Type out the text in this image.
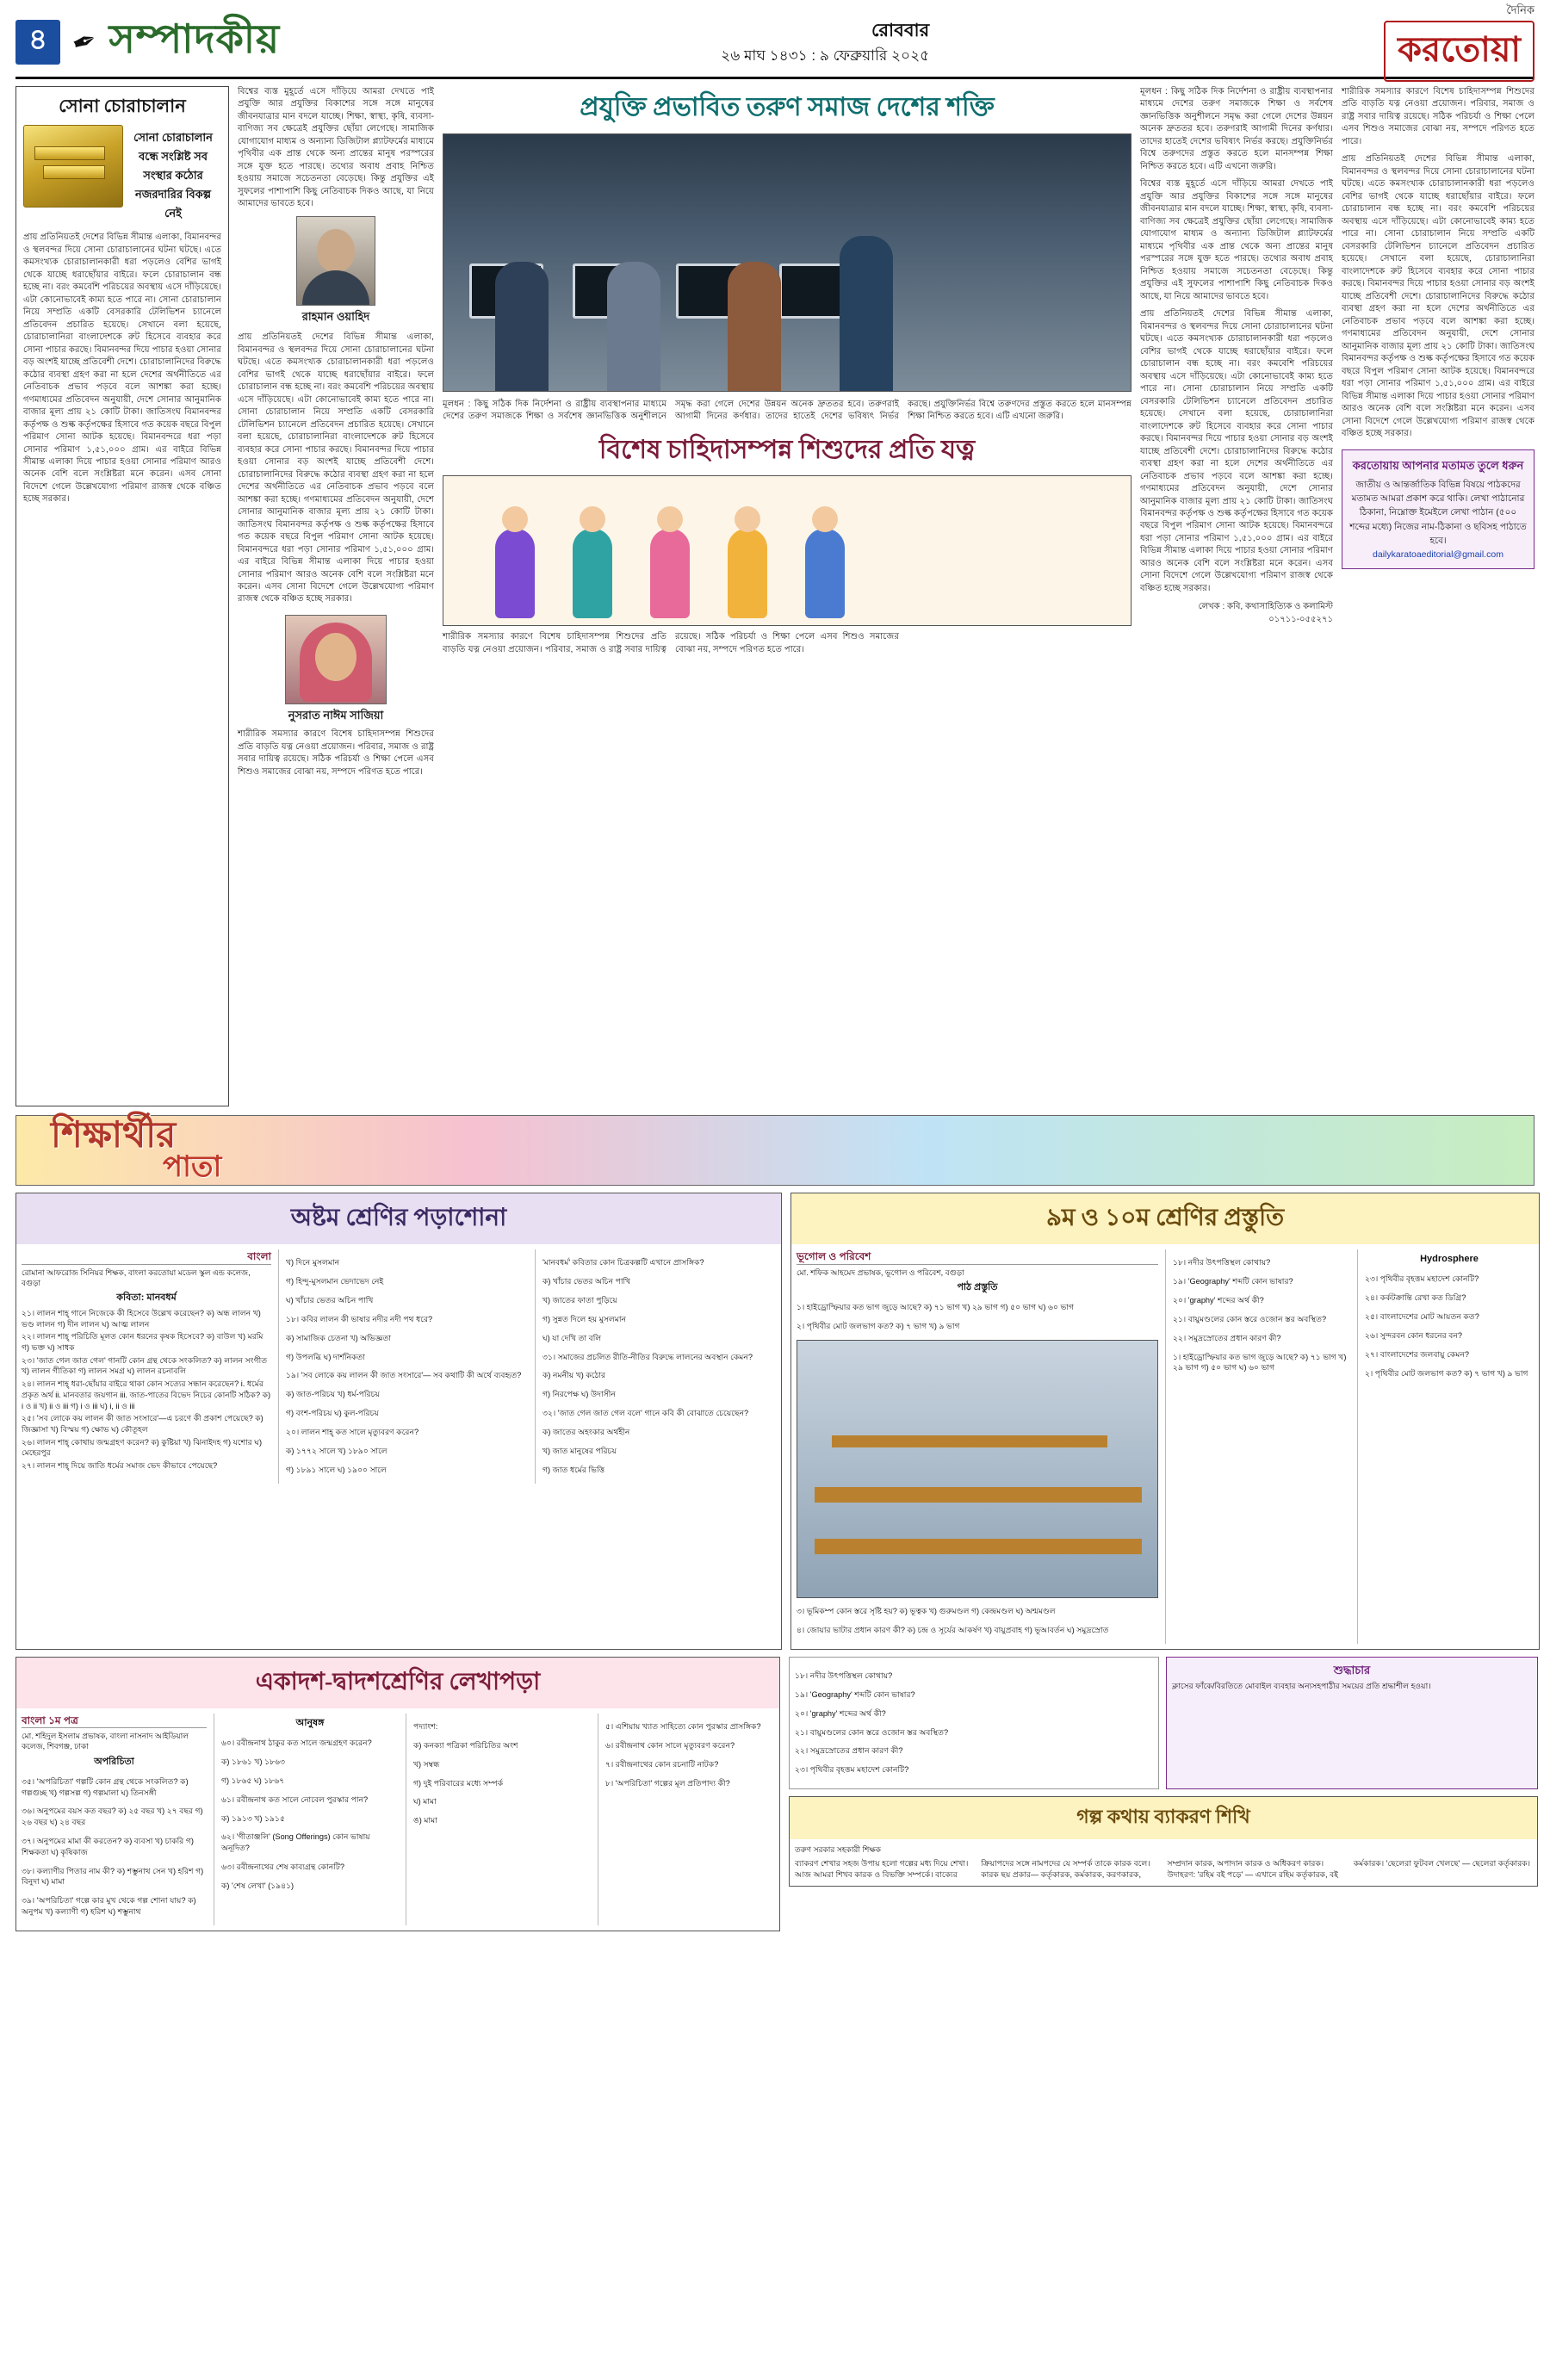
৪ ✒ সম্পাদকীয়	রোববার
২৬ মাঘ ১৪৩১ : ৯ ফেব্রুয়ারি ২০২৫
দৈনিক
করতোয়া
সোনা চোরাচালান
সোনা চোরাচালান বন্ধে সংশ্লিষ্ট সব সংস্থার কঠোর নজরদারির বিকল্প নেই
প্রায় প্রতিনিয়তই দেশের বিভিন্ন সীমান্ত এলাকা, বিমানবন্দর ও স্থলবন্দর দিয়ে সোনা চোরাচালানের ঘটনা ঘটছে। এতে কমসংখ্যক চোরাচালানকারী ধরা পড়লেও বেশির ভাগই থেকে যাচ্ছে ধরাছোঁয়ার বাইরে। ফলে চোরাচালান বন্ধ হচ্ছে না। বরং কমবেশি পরিচয়ের অবস্থায় এসে দাঁড়িয়েছে। এটা কোনোভাবেই কাম্য হতে পারে না। সোনা চোরাচালান নিয়ে সম্প্রতি একটি বেসরকারি টেলিভিশন চ্যানেলে প্রতিবেদন প্রচারিত হয়েছে। সেখানে বলা হয়েছে, চোরাচালানিরা বাংলাদেশকে রুট হিসেবে ব্যবহার করে সোনা পাচার করছে। বিমানবন্দর দিয়ে পাচার হওয়া সোনার বড় অংশই যাচ্ছে প্রতিবেশী দেশে। চোরাচালানিদের বিরুদ্ধে কঠোর ব্যবস্থা গ্রহণ করা না হলে দেশের অর্থনীতিতে এর নেতিবাচক প্রভাব পড়বে বলে আশঙ্কা করা হচ্ছে। গণমাধ্যমের প্রতিবেদন অনুযায়ী, দেশে সোনার আনুমানিক বাজার মূল্য প্রায় ২১ কোটি টাকা। জাতিসংঘ বিমানবন্দর কর্তৃপক্ষ ও শুল্ক কর্তৃপক্ষের হিসাবে গত কয়েক বছরে বিপুল পরিমাণ সোনা আটক হয়েছে। বিমানবন্দরে ধরা পড়া সোনার পরিমাণ ১,৫১,০০০ গ্রাম। এর বাইরে বিভিন্ন সীমান্ত এলাকা দিয়ে পাচার হওয়া সোনার পরিমাণ আরও অনেক বেশি বলে সংশ্লিষ্টরা মনে করেন। এসব সোনা বিদেশে গেলে উল্লেখযোগ্য পরিমাণ রাজস্ব থেকে বঞ্চিত হচ্ছে সরকার।
বিশ্বের ব্যস্ত মুহূর্তে এসে দাঁড়িয়ে আমরা দেখতে পাই প্রযুক্তি আর প্রযুক্তির বিকাশের সঙ্গে সঙ্গে মানুষের জীবনযাত্রার মান বদলে যাচ্ছে। শিক্ষা, স্বাস্থ্য, কৃষি, ব্যবসা-বাণিজ্য সব ক্ষেত্রেই প্রযুক্তির ছোঁয়া লেগেছে। সামাজিক যোগাযোগ মাধ্যম ও অন্যান্য ডিজিটাল প্ল্যাটফর্মের মাধ্যমে পৃথিবীর এক প্রান্ত থেকে অন্য প্রান্তের মানুষ পরস্পরের সঙ্গে যুক্ত হতে পারছে। তথ্যের অবাধ প্রবাহ নিশ্চিত হওয়ায় সমাজে সচেতনতা বেড়েছে। কিন্তু প্রযুক্তির এই সুফলের পাশাপাশি কিছু নেতিবাচক দিকও আছে, যা নিয়ে আমাদের ভাবতে হবে।
রাহমান ওয়াহিদ
প্রায় প্রতিনিয়তই দেশের বিভিন্ন সীমান্ত এলাকা, বিমানবন্দর ও স্থলবন্দর দিয়ে সোনা চোরাচালানের ঘটনা ঘটছে। এতে কমসংখ্যক চোরাচালানকারী ধরা পড়লেও বেশির ভাগই থেকে যাচ্ছে ধরাছোঁয়ার বাইরে। ফলে চোরাচালান বন্ধ হচ্ছে না। বরং কমবেশি পরিচয়ের অবস্থায় এসে দাঁড়িয়েছে। এটা কোনোভাবেই কাম্য হতে পারে না। সোনা চোরাচালান নিয়ে সম্প্রতি একটি বেসরকারি টেলিভিশন চ্যানেলে প্রতিবেদন প্রচারিত হয়েছে। সেখানে বলা হয়েছে, চোরাচালানিরা বাংলাদেশকে রুট হিসেবে ব্যবহার করে সোনা পাচার করছে। বিমানবন্দর দিয়ে পাচার হওয়া সোনার বড় অংশই যাচ্ছে প্রতিবেশী দেশে। চোরাচালানিদের বিরুদ্ধে কঠোর ব্যবস্থা গ্রহণ করা না হলে দেশের অর্থনীতিতে এর নেতিবাচক প্রভাব পড়বে বলে আশঙ্কা করা হচ্ছে। গণমাধ্যমের প্রতিবেদন অনুযায়ী, দেশে সোনার আনুমানিক বাজার মূল্য প্রায় ২১ কোটি টাকা। জাতিসংঘ বিমানবন্দর কর্তৃপক্ষ ও শুল্ক কর্তৃপক্ষের হিসাবে গত কয়েক বছরে বিপুল পরিমাণ সোনা আটক হয়েছে। বিমানবন্দরে ধরা পড়া সোনার পরিমাণ ১,৫১,০০০ গ্রাম। এর বাইরে বিভিন্ন সীমান্ত এলাকা দিয়ে পাচার হওয়া সোনার পরিমাণ আরও অনেক বেশি বলে সংশ্লিষ্টরা মনে করেন। এসব সোনা বিদেশে গেলে উল্লেখযোগ্য পরিমাণ রাজস্ব থেকে বঞ্চিত হচ্ছে সরকার।
নুসরাত নাঈম সাজিয়া
শারীরিক সমস্যার কারণে বিশেষ চাহিদাসম্পন্ন শিশুদের প্রতি বাড়তি যত্ন নেওয়া প্রয়োজন। পরিবার, সমাজ ও রাষ্ট্র সবার দায়িত্ব রয়েছে। সঠিক পরিচর্যা ও শিক্ষা পেলে এসব শিশুও সমাজের বোঝা নয়, সম্পদে পরিণত হতে পারে।
প্রযুক্তি প্রভাবিত তরুণ সমাজ দেশের শক্তি
মূলধন : কিছু সঠিক দিক নির্দেশনা ও রাষ্ট্রীয় ব্যবস্থাপনার মাধ্যমে দেশের তরুণ সমাজকে শিক্ষা ও সর্বশেষ জ্ঞানভিত্তিক অনুশীলনে সমৃদ্ধ করা গেলে দেশের উন্নয়ন অনেক দ্রুততর হবে। তরুণরাই আগামী দিনের কর্ণধার। তাদের হাতেই দেশের ভবিষ্যৎ নির্ভর করছে। প্রযুক্তিনির্ভর বিশ্বে তরুণদের প্রস্তুত করতে হলে মানসম্পন্ন শিক্ষা নিশ্চিত করতে হবে। এটি এখনো জরুরি।
বিশেষ চাহিদাসম্পন্ন শিশুদের প্রতি যত্ন
শারীরিক সমস্যার কারণে বিশেষ চাহিদাসম্পন্ন শিশুদের প্রতি বাড়তি যত্ন নেওয়া প্রয়োজন। পরিবার, সমাজ ও রাষ্ট্র সবার দায়িত্ব রয়েছে। সঠিক পরিচর্যা ও শিক্ষা পেলে এসব শিশুও সমাজের বোঝা নয়, সম্পদে পরিণত হতে পারে।
মূলধন : কিছু সঠিক দিক নির্দেশনা ও রাষ্ট্রীয় ব্যবস্থাপনার মাধ্যমে দেশের তরুণ সমাজকে শিক্ষা ও সর্বশেষ জ্ঞানভিত্তিক অনুশীলনে সমৃদ্ধ করা গেলে দেশের উন্নয়ন অনেক দ্রুততর হবে। তরুণরাই আগামী দিনের কর্ণধার। তাদের হাতেই দেশের ভবিষ্যৎ নির্ভর করছে। প্রযুক্তিনির্ভর বিশ্বে তরুণদের প্রস্তুত করতে হলে মানসম্পন্ন শিক্ষা নিশ্চিত করতে হবে। এটি এখনো জরুরি।
বিশ্বের ব্যস্ত মুহূর্তে এসে দাঁড়িয়ে আমরা দেখতে পাই প্রযুক্তি আর প্রযুক্তির বিকাশের সঙ্গে সঙ্গে মানুষের জীবনযাত্রার মান বদলে যাচ্ছে। শিক্ষা, স্বাস্থ্য, কৃষি, ব্যবসা-বাণিজ্য সব ক্ষেত্রেই প্রযুক্তির ছোঁয়া লেগেছে। সামাজিক যোগাযোগ মাধ্যম ও অন্যান্য ডিজিটাল প্ল্যাটফর্মের মাধ্যমে পৃথিবীর এক প্রান্ত থেকে অন্য প্রান্তের মানুষ পরস্পরের সঙ্গে যুক্ত হতে পারছে। তথ্যের অবাধ প্রবাহ নিশ্চিত হওয়ায় সমাজে সচেতনতা বেড়েছে। কিন্তু প্রযুক্তির এই সুফলের পাশাপাশি কিছু নেতিবাচক দিকও আছে, যা নিয়ে আমাদের ভাবতে হবে।
প্রায় প্রতিনিয়তই দেশের বিভিন্ন সীমান্ত এলাকা, বিমানবন্দর ও স্থলবন্দর দিয়ে সোনা চোরাচালানের ঘটনা ঘটছে। এতে কমসংখ্যক চোরাচালানকারী ধরা পড়লেও বেশির ভাগই থেকে যাচ্ছে ধরাছোঁয়ার বাইরে। ফলে চোরাচালান বন্ধ হচ্ছে না। বরং কমবেশি পরিচয়ের অবস্থায় এসে দাঁড়িয়েছে। এটা কোনোভাবেই কাম্য হতে পারে না। সোনা চোরাচালান নিয়ে সম্প্রতি একটি বেসরকারি টেলিভিশন চ্যানেলে প্রতিবেদন প্রচারিত হয়েছে। সেখানে বলা হয়েছে, চোরাচালানিরা বাংলাদেশকে রুট হিসেবে ব্যবহার করে সোনা পাচার করছে। বিমানবন্দর দিয়ে পাচার হওয়া সোনার বড় অংশই যাচ্ছে প্রতিবেশী দেশে। চোরাচালানিদের বিরুদ্ধে কঠোর ব্যবস্থা গ্রহণ করা না হলে দেশের অর্থনীতিতে এর নেতিবাচক প্রভাব পড়বে বলে আশঙ্কা করা হচ্ছে। গণমাধ্যমের প্রতিবেদন অনুযায়ী, দেশে সোনার আনুমানিক বাজার মূল্য প্রায় ২১ কোটি টাকা। জাতিসংঘ বিমানবন্দর কর্তৃপক্ষ ও শুল্ক কর্তৃপক্ষের হিসাবে গত কয়েক বছরে বিপুল পরিমাণ সোনা আটক হয়েছে। বিমানবন্দরে ধরা পড়া সোনার পরিমাণ ১,৫১,০০০ গ্রাম। এর বাইরে বিভিন্ন সীমান্ত এলাকা দিয়ে পাচার হওয়া সোনার পরিমাণ আরও অনেক বেশি বলে সংশ্লিষ্টরা মনে করেন। এসব সোনা বিদেশে গেলে উল্লেখযোগ্য পরিমাণ রাজস্ব থেকে বঞ্চিত হচ্ছে সরকার।
লেখক : কবি, কথাসাহিত্যিক ও কলামিস্ট ০১৭১১-০৫৫২৭১
শারীরিক সমস্যার কারণে বিশেষ চাহিদাসম্পন্ন শিশুদের প্রতি বাড়তি যত্ন নেওয়া প্রয়োজন। পরিবার, সমাজ ও রাষ্ট্র সবার দায়িত্ব রয়েছে। সঠিক পরিচর্যা ও শিক্ষা পেলে এসব শিশুও সমাজের বোঝা নয়, সম্পদে পরিণত হতে পারে।
প্রায় প্রতিনিয়তই দেশের বিভিন্ন সীমান্ত এলাকা, বিমানবন্দর ও স্থলবন্দর দিয়ে সোনা চোরাচালানের ঘটনা ঘটছে। এতে কমসংখ্যক চোরাচালানকারী ধরা পড়লেও বেশির ভাগই থেকে যাচ্ছে ধরাছোঁয়ার বাইরে। ফলে চোরাচালান বন্ধ হচ্ছে না। বরং কমবেশি পরিচয়ের অবস্থায় এসে দাঁড়িয়েছে। এটা কোনোভাবেই কাম্য হতে পারে না। সোনা চোরাচালান নিয়ে সম্প্রতি একটি বেসরকারি টেলিভিশন চ্যানেলে প্রতিবেদন প্রচারিত হয়েছে। সেখানে বলা হয়েছে, চোরাচালানিরা বাংলাদেশকে রুট হিসেবে ব্যবহার করে সোনা পাচার করছে। বিমানবন্দর দিয়ে পাচার হওয়া সোনার বড় অংশই যাচ্ছে প্রতিবেশী দেশে। চোরাচালানিদের বিরুদ্ধে কঠোর ব্যবস্থা গ্রহণ করা না হলে দেশের অর্থনীতিতে এর নেতিবাচক প্রভাব পড়বে বলে আশঙ্কা করা হচ্ছে। গণমাধ্যমের প্রতিবেদন অনুযায়ী, দেশে সোনার আনুমানিক বাজার মূল্য প্রায় ২১ কোটি টাকা। জাতিসংঘ বিমানবন্দর কর্তৃপক্ষ ও শুল্ক কর্তৃপক্ষের হিসাবে গত কয়েক বছরে বিপুল পরিমাণ সোনা আটক হয়েছে। বিমানবন্দরে ধরা পড়া সোনার পরিমাণ ১,৫১,০০০ গ্রাম। এর বাইরে বিভিন্ন সীমান্ত এলাকা দিয়ে পাচার হওয়া সোনার পরিমাণ আরও অনেক বেশি বলে সংশ্লিষ্টরা মনে করেন। এসব সোনা বিদেশে গেলে উল্লেখযোগ্য পরিমাণ রাজস্ব থেকে বঞ্চিত হচ্ছে সরকার।
করতোয়ায় আপনার মতামত তুলে ধরুন
জাতীয় ও আন্তর্জাতিক বিভিন্ন বিষয়ে পাঠকদের মতামত আমরা প্রকাশ করে থাকি। লেখা পাঠানোর ঠিকানা, নিম্নোক্ত ইমেইলে লেখা পাঠান (৫০০ শব্দের মধ্যে) নিজের নাম-ঠিকানা ও ছবিসহ পাঠাতে হবে।
dailykaratoaeditorial@gmail.com
শিক্ষার্থীর
পাতা
অষ্টম শ্রেণির পড়াশোনা
বাংলা
রোমানা আফরোজ সিনিয়র শিক্ষক, বাংলা করতোয়া মডেল স্কুল এন্ড কলেজ, বগুড়া
কবিতা: মানবধর্ম

২১। লালন শাহ্ গানে নিজেকে কী হিসেবে উল্লেখ করেছেন? ক) অন্ধ লালন খ) ভণ্ড লালন গ) দীন লালন ঘ) আত্ম লালন

২২। লালন শাহ্ পরিচিতি মূলত কোন ধরনের কৃষক হিসেবে? ক) বাউল খ) মরমি গ) ভক্ত ঘ) সাধক

২৩। 'জাত গেল জাত গেল' গানটি কোন গ্রন্থ থেকে সংকলিত? ক) লালন সংগীত খ) লালন গীতিকা গ) লালন সমগ্র ঘ) লালন রচনাবলি

২৪। লালন শাহ্ ধরা-ছোঁয়ার বাইরে থাকা কোন সত্যের সন্ধান করেছেন? i. ধর্মের প্রকৃত অর্থ ii. মানবতার জয়গান iii. জাত-পাতের বিভেদ নিচের কোনটি সঠিক? ক) i ও ii খ) ii ও iii গ) i ও iii ঘ) i, ii ও iii

২৫। 'সব লোকে কয় লালন কী জাত সংসারে'—এ চরণে কী প্রকাশ পেয়েছে? ক) জিজ্ঞাসা খ) বিস্ময় গ) ক্ষোভ ঘ) কৌতূহল

২৬। লালন শাহ্ কোথায় জন্মগ্রহণ করেন? ক) কুষ্টিয়া খ) ঝিনাইদহ গ) যশোর ঘ) মেহেরপুর

২৭। লালন শাহ্ দিয়ে জাতি ধর্মের সমাজ ভেদ কীভাবে পেয়েছে?

খ) দিনে মুসলমান

গ) হিন্দু-মুসলমান ভেদাভেদ নেই

ঘ) খাঁচার ভেতর অচিন পাখি

১৮। কবির লালন কী ভাষার নদীর নদী পথ ধরে?

ক) সামাজিক চেতনা খ) অভিজ্ঞতা

গ) উপলব্ধি ঘ) দার্শনিকতা

১৯। 'সব লোকে কয় লালন কী জাত সংসারে'— সব কথাটি কী অর্থে ব্যবহৃত?

ক) জাত-পরিচয় খ) ধর্ম-পরিচয়

গ) বংশ-পরিচয় ঘ) কুল-পরিচয়

২০। লালন শাহ্ কত সালে মৃত্যুবরণ করেন?

ক) ১৭৭২ সালে খ) ১৮৯০ সালে

গ) ১৮৯১ সালে ঘ) ১৯০০ সালে

'মানবধর্ম' কবিতার কোন চিত্রকল্পটি এখানে প্রাসঙ্গিক?

ক) খাঁচার ভেতর অচিন পাখি

খ) জাতের ফাতা পুড়িয়ে

গ) সুন্নত দিলে হয় মুসলমান

ঘ) যা দেখি তা বলি

৩১। সমাজের প্রচলিত রীতি-নীতির বিরুদ্ধে লালনের অবস্থান কেমন?

ক) নমনীয় খ) কঠোর

গ) নিরপেক্ষ ঘ) উদাসীন

৩২। 'জাত গেল জাত গেল বলে' গানে কবি কী বোঝাতে চেয়েছেন?

ক) জাতের অহংকার অর্থহীন

খ) জাত মানুষের পরিচয়

গ) জাত ধর্মের ভিত্তি

৯ম ও ১০ম শ্রেণির প্রস্তুতি
ভূগোল ও পরিবেশ
মো. শফিক আহমেদ প্রভাষক, ভূগোল ও পরিবেশ, বগুড়া
পাঠ প্রস্তুতি

১। হাইড্রোস্ফিয়ার কত ভাগ জুড়ে আছে? ক) ৭১ ভাগ খ) ২৯ ভাগ গ) ৫০ ভাগ ঘ) ৬০ ভাগ

২। পৃথিবীর মোট জলভাগ কত? ক) ৭ ভাগ খ) ৯ ভাগ

৩। ভূমিকম্প কোন স্তরে সৃষ্টি হয়? ক) ভূত্বক খ) গুরুমণ্ডল গ) কেন্দ্রমণ্ডল ঘ) অশ্মমণ্ডল

৪। জোয়ার ভাটার প্রধান কারণ কী? ক) চন্দ্র ও সূর্যের আকর্ষণ খ) বায়ুপ্রবাহ গ) ভূআবর্তন ঘ) সমুদ্রস্রোত

১৮। নদীর উৎপত্তিস্থল কোথায়?

১৯। 'Geography' শব্দটি কোন ভাষার?

২০। 'graphy' শব্দের অর্থ কী?

২১। বায়ুমণ্ডলের কোন স্তরে ওজোন স্তর অবস্থিত?

২২। সমুদ্রস্রোতের প্রধান কারণ কী?

১। হাইড্রোস্ফিয়ার কত ভাগ জুড়ে আছে? ক) ৭১ ভাগ খ) ২৯ ভাগ গ) ৫০ ভাগ ঘ) ৬০ ভাগ

Hydrosphere

২৩। পৃথিবীর বৃহত্তম মহাদেশ কোনটি?

২৪। কর্কটক্রান্তি রেখা কত ডিগ্রি?

২৫। বাংলাদেশের মোট আয়তন কত?

২৬। সুন্দরবন কোন ধরনের বন?

২৭। বাংলাদেশের জলবায়ু কেমন?

২। পৃথিবীর মোট জলভাগ কত? ক) ৭ ভাগ খ) ৯ ভাগ

একাদশ-দ্বাদশশ্রেণির লেখাপড়া
বাংলা ১ম পত্র
মো. শহিদুল ইসলাম প্রভাষক, বাংলা নাসনাদ আইডিয়াল কলেজ, শিবগঞ্জ, ঢাকা
অপরিচিতা

৩৫। 'অপরিচিতা' গল্পটি কোন গ্রন্থ থেকে সংকলিত? ক) গল্পগুচ্ছ খ) গল্পসল্প গ) গল্পমালা ঘ) তিনসঙ্গী

৩৬। অনুপমের বয়স কত বছর? ক) ২৫ বছর খ) ২৭ বছর গ) ২৬ বছর ঘ) ২৪ বছর

৩৭। অনুপমের মামা কী করতেন? ক) ব্যবসা খ) চাকরি গ) শিক্ষকতা ঘ) কৃষিকাজ

৩৮। কল্যাণীর পিতার নাম কী? ক) শম্ভুনাথ সেন খ) হরিশ গ) বিনুদা ঘ) মামা

৩৯। 'অপরিচিতা' গল্পে কার মুখ থেকে গল্প শোনা যায়? ক) অনুপম খ) কল্যাণী গ) হরিশ ঘ) শম্ভুনাথ

আনুষঙ্গ

৬০। রবীন্দ্রনাথ ঠাকুর কত সালে জন্মগ্রহণ করেন?

ক) ১৮৬১ খ) ১৮৬৩

গ) ১৮৬৫ ঘ) ১৮৬৭

৬১। রবীন্দ্রনাথ কত সালে নোবেল পুরস্কার পান?

ক) ১৯১৩ খ) ১৯১৫

৬২। 'গীতাঞ্জলি' (Song Offerings) কোন ভাষায় অনূদিত?

৬৩। রবীন্দ্রনাথের শেষ কাব্যগ্রন্থ কোনটি?

ক) 'শেষ লেখা' (১৯৪১)

পদ্যাংশ:

ক) কনক্যা পত্রিকা পরিচিতির অংশ

খ) সম্বন্ধ

গ) দুই পরিবারের মধ্যে সম্পর্ক

ঘ) মামা

ঙ) মামা

৫। এশিয়ায় খ্যাত সাহিত্যে কোন পুরস্কার প্রাসঙ্গিক?

৬। রবীন্দ্রনাথ কোন সালে মৃত্যুবরণ করেন?

৭। রবীন্দ্রনাথের কোন রচনাটি নাটক?

৮। 'অপরিচিতা' গল্পের মূল প্রতিপাদ্য কী?

১৮। নদীর উৎপত্তিস্থল কোথায়?

১৯। 'Geography' শব্দটি কোন ভাষার?

২০। 'graphy' শব্দের অর্থ কী?

২১। বায়ুমণ্ডলের কোন স্তরে ওজোন স্তর অবস্থিত?

২২। সমুদ্রস্রোতের প্রধান কারণ কী?

২৩। পৃথিবীর বৃহত্তম মহাদেশ কোনটি?

শুদ্ধাচার
ক্লাসের ফাঁকে/বিরতিতে মোবাইল ব্যবহার অন্যসহপাঠীর সময়ের প্রতি শ্রদ্ধাশীল হওয়া।
গল্প কথায় ব্যাকরণ শিখি
তরুণ সরকার সহকারী শিক্ষক
ব্যাকরণ শেখার সহজ উপায় হলো গল্পের মধ্য দিয়ে শেখা। আজ আমরা শিখব কারক ও বিভক্তি সম্পর্কে। বাক্যের ক্রিয়াপদের সঙ্গে নামপদের যে সম্পর্ক তাকে কারক বলে। কারক ছয় প্রকার— কর্তৃকারক, কর্মকারক, করণকারক, সম্প্রদান কারক, অপাদান কারক ও অধিকরণ কারক। উদাহরণ: 'রহিম বই পড়ে' — এখানে রহিম কর্তৃকারক, বই কর্মকারক। 'ছেলেরা ফুটবল খেলছে' — ছেলেরা কর্তৃকারক।
